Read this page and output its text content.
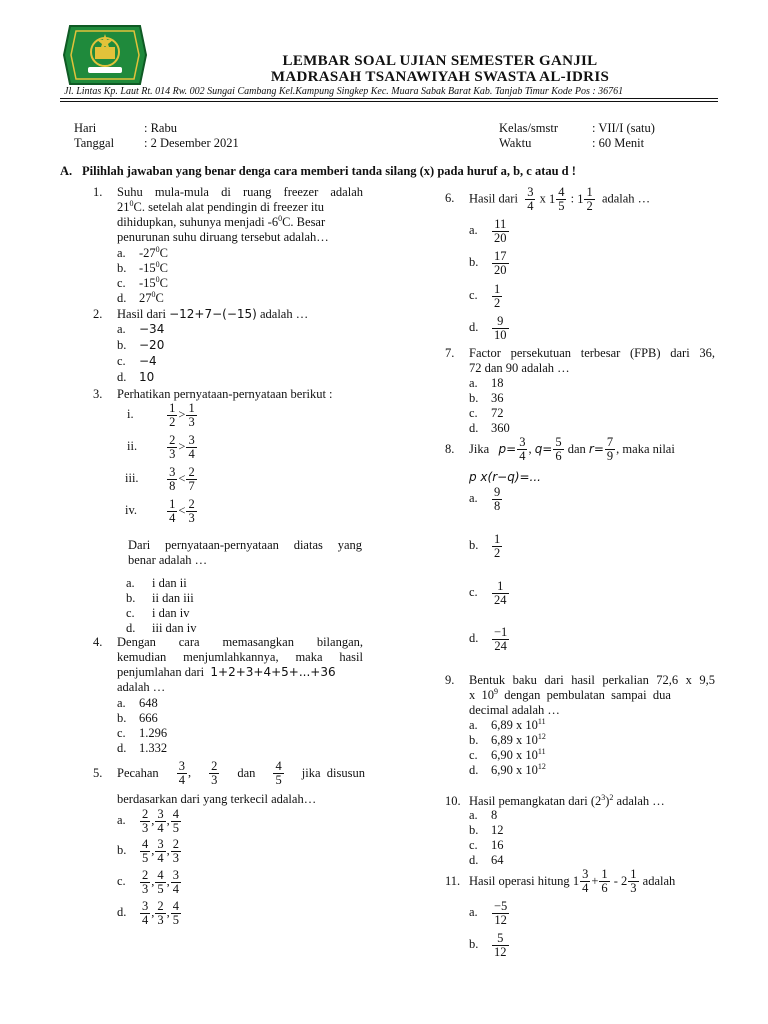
LEMBAR SOAL UJIAN SEMESTER GANJIL
MADRASAH TSANAWIYAH SWASTA AL-IDRIS
Jl. Lintas Kp. Laut Rt. 014 Rw. 002 Sungai Cambang Kel.Kampung Singkep Kec. Muara Sabak Barat Kab. Tanjab Timur Kode Pos : 36761
Hari	: Rabu
Tanggal : 2 Desember 2021
Kelas/smstr	: VII/I (satu)
Waktu	: 60 Menit
A. Pilihlah jawaban yang benar denga cara memberi tanda silang (x) pada huruf a, b, c atau d !
1. Suhu mula-mula di ruang freezer adalah
$21^0C$. setelah alat pendingin di freezer itu
dihidupkan, suhunya menjadi $-6^0C$. Besar
penurunan suhu diruang tersebut adalah…
a. $-27^0C$
b. $-15^0C$
c. $-15^0C$
d. $27^0C$
2. Hasil dari −12+7−(−15) adalah …
a. −34
b. −20
c. −4
d. 10
3. Perhatikan pernyataan-pernyataan berikut :
i.	$\frac{1}{2} > \frac{1}{3}$
ii. $\frac{2}{3} > \frac{3}{4}$
iii. $\frac{3}{8} < \frac{2}{7}$
iv. $\frac{1}{4} < \frac{2}{3}$
Dari pernyataan-pernyataan diatas yang
benar adalah …
a. i dan ii
b. ii dan iii
c. i dan iv
d. iii dan iv
4. Dengan   cara   memasangkan   bilangan,
kemudian menjumlahkannya, maka hasil
penjumlahan dari 1+2+3+4+5+...+36
adalah …
a. 648
b. 666
c. 1.296
d. 1.332
5. Pecahan $\frac{3}{4}$ , $\frac{2}{3}$ dan $\frac{4}{5}$ jika  disusun
berdasarkan dari yang terkecil adalah…
a. $\frac{2}{3}$ , $\frac{3}{4}$ , $\frac{4}{5}$
b. $\frac{4}{5}$ , $\frac{3}{4}$ , $\frac{2}{3}$
c. $\frac{2}{3}$ , $\frac{4}{5}$ , $\frac{3}{4}$
d. $\frac{3}{4}$ , $\frac{2}{3}$ , $\frac{4}{5}$
6. Hasil dari $\frac{3}{4}$ x $1 \frac{4}{5}$ : $1 \frac{1}{2}$ adalah …
a. $\frac{11}{20}$
b. $\frac{17}{20}$
c. $\frac{1}{2}$
d. $\frac{9}{10}$
7. Factor persekutuan terbesar (FPB) dari 36,
72 dan 90 adalah …
a. 18
b. 36
c. 72
d. 360
8.	Jika
$p= \frac{3}{4}$ , $q= \frac{5}{6}$
dan
$r= \frac{7}{9}$ , maka nilai
p x(r−q)=...
a. $\frac{9}{8}$
b. $\frac{1}{2}$
c. $\frac{1}{24}$
d. $\frac{-1}{24}$
9. Bentuk baku dari hasil perkalian 72,6 x 9,5
x  $10^9$  dengan  pembulatan  sampai  dua
decimal adalah …
a. 6,89 x $10^{11}$
b. 6,89 x $10^{12}$
c. 6,90 x $10^{11}$
d. 6,90 x $10^{12}$
10. Hasil pemangkatan dari $(2^3)^2$ adalah …
a. 8
b. 12
c. 16
d. 64
11. Hasil operasi hitung
$1 \frac{3}{4} + \frac{1}{6}$
- $2 \frac{1}{3}$
adalah
a. $\frac{-5}{12}$
b. $\frac{5}{12}$
